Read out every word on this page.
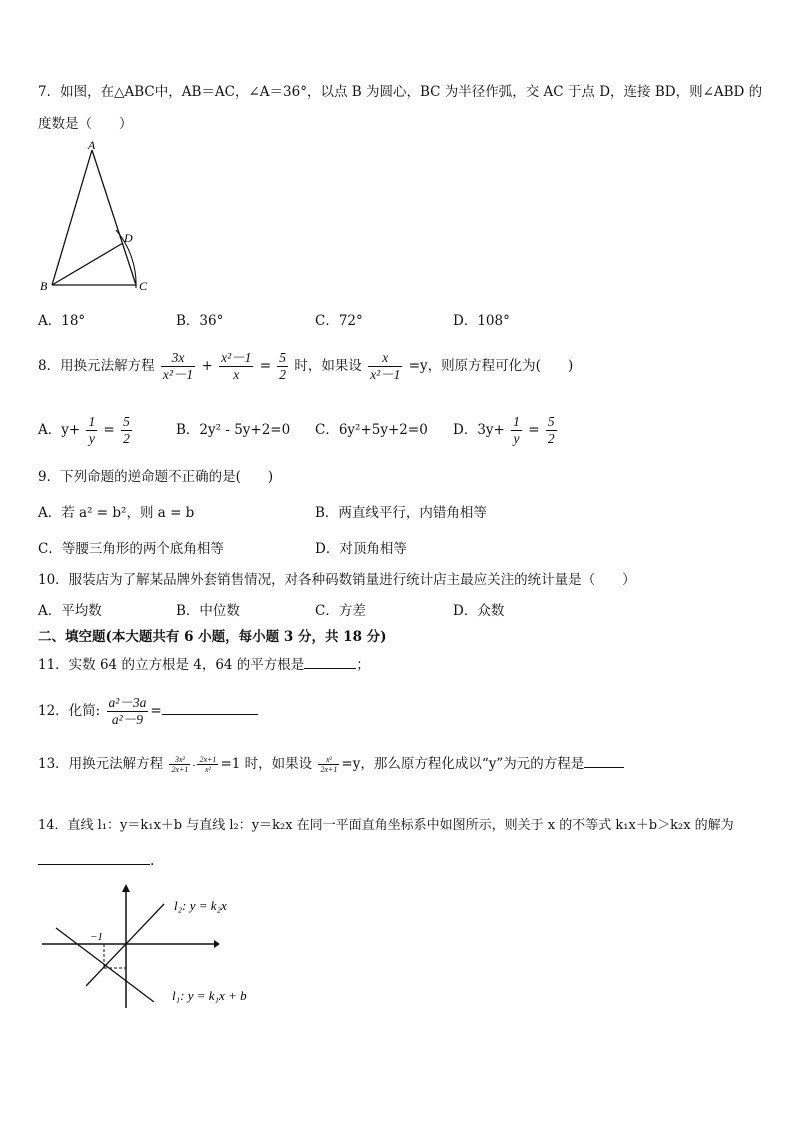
7．如图，在△ABC中，AB＝AC，∠A＝36°，以点 B 为圆心，BC 为半径作弧，交 AC 于点 D，连接 BD，则∠ABD 的
度数是（　　）
A
B	C
D
A．18°	B．36°	C．72°	D．108°
8．用换元法解方程 $\frac{3x}{\text{x²－1}} + \frac{\text{x²－1}}{x} = \frac{5}{2}$ 时，如果设 $\frac{x}{\text{x²－1}} =y$，则原方程可化为(　　)
A．$y+ \frac{1}{y} = \frac{5}{2}$	B．2y² - 5y+2=0 C．6y²+5y+2=0 D．$3y+ \frac{1}{y} = \frac{5}{2}$
9．下列命题的逆命题不正确的是(　　)
A．若 a² = b²，则 a = b	B．两直线平行，内错角相等
C．等腰三角形的两个底角相等	D．对顶角相等
10．服装店为了解某品牌外套销售情况，对各种码数销量进行统计店主最应关注的统计量是（　　）
A．平均数	B．中位数	C．方差	D．众数
二、填空题(本大题共有 6 小题，每小题 3 分，共 18 分)
11．实数 64 的立方根是 4，64 的平方根是	；
12．化简: $\frac{\text{a²－3a}}{\text{a²－9}}$ =
13．用换元法解方程 $\frac{\text{3x²}}{2x+1} - \frac{2x+1}{\text{x²}} =1$ 时，如果设 $\frac{\text{x²}}{2x+1} =y$，那么原方程化成以“y”为元的方程是
14．直线 l₁：y＝k₁x＋b 与直线 l₂：y＝k₂x 在同一平面直角坐标系中如图所示，则关于 x 的不等式 k₁x＋b＞k₂x 的解为
.
−1
l₂: y = k₂x
l₁: y = k₁x + b
